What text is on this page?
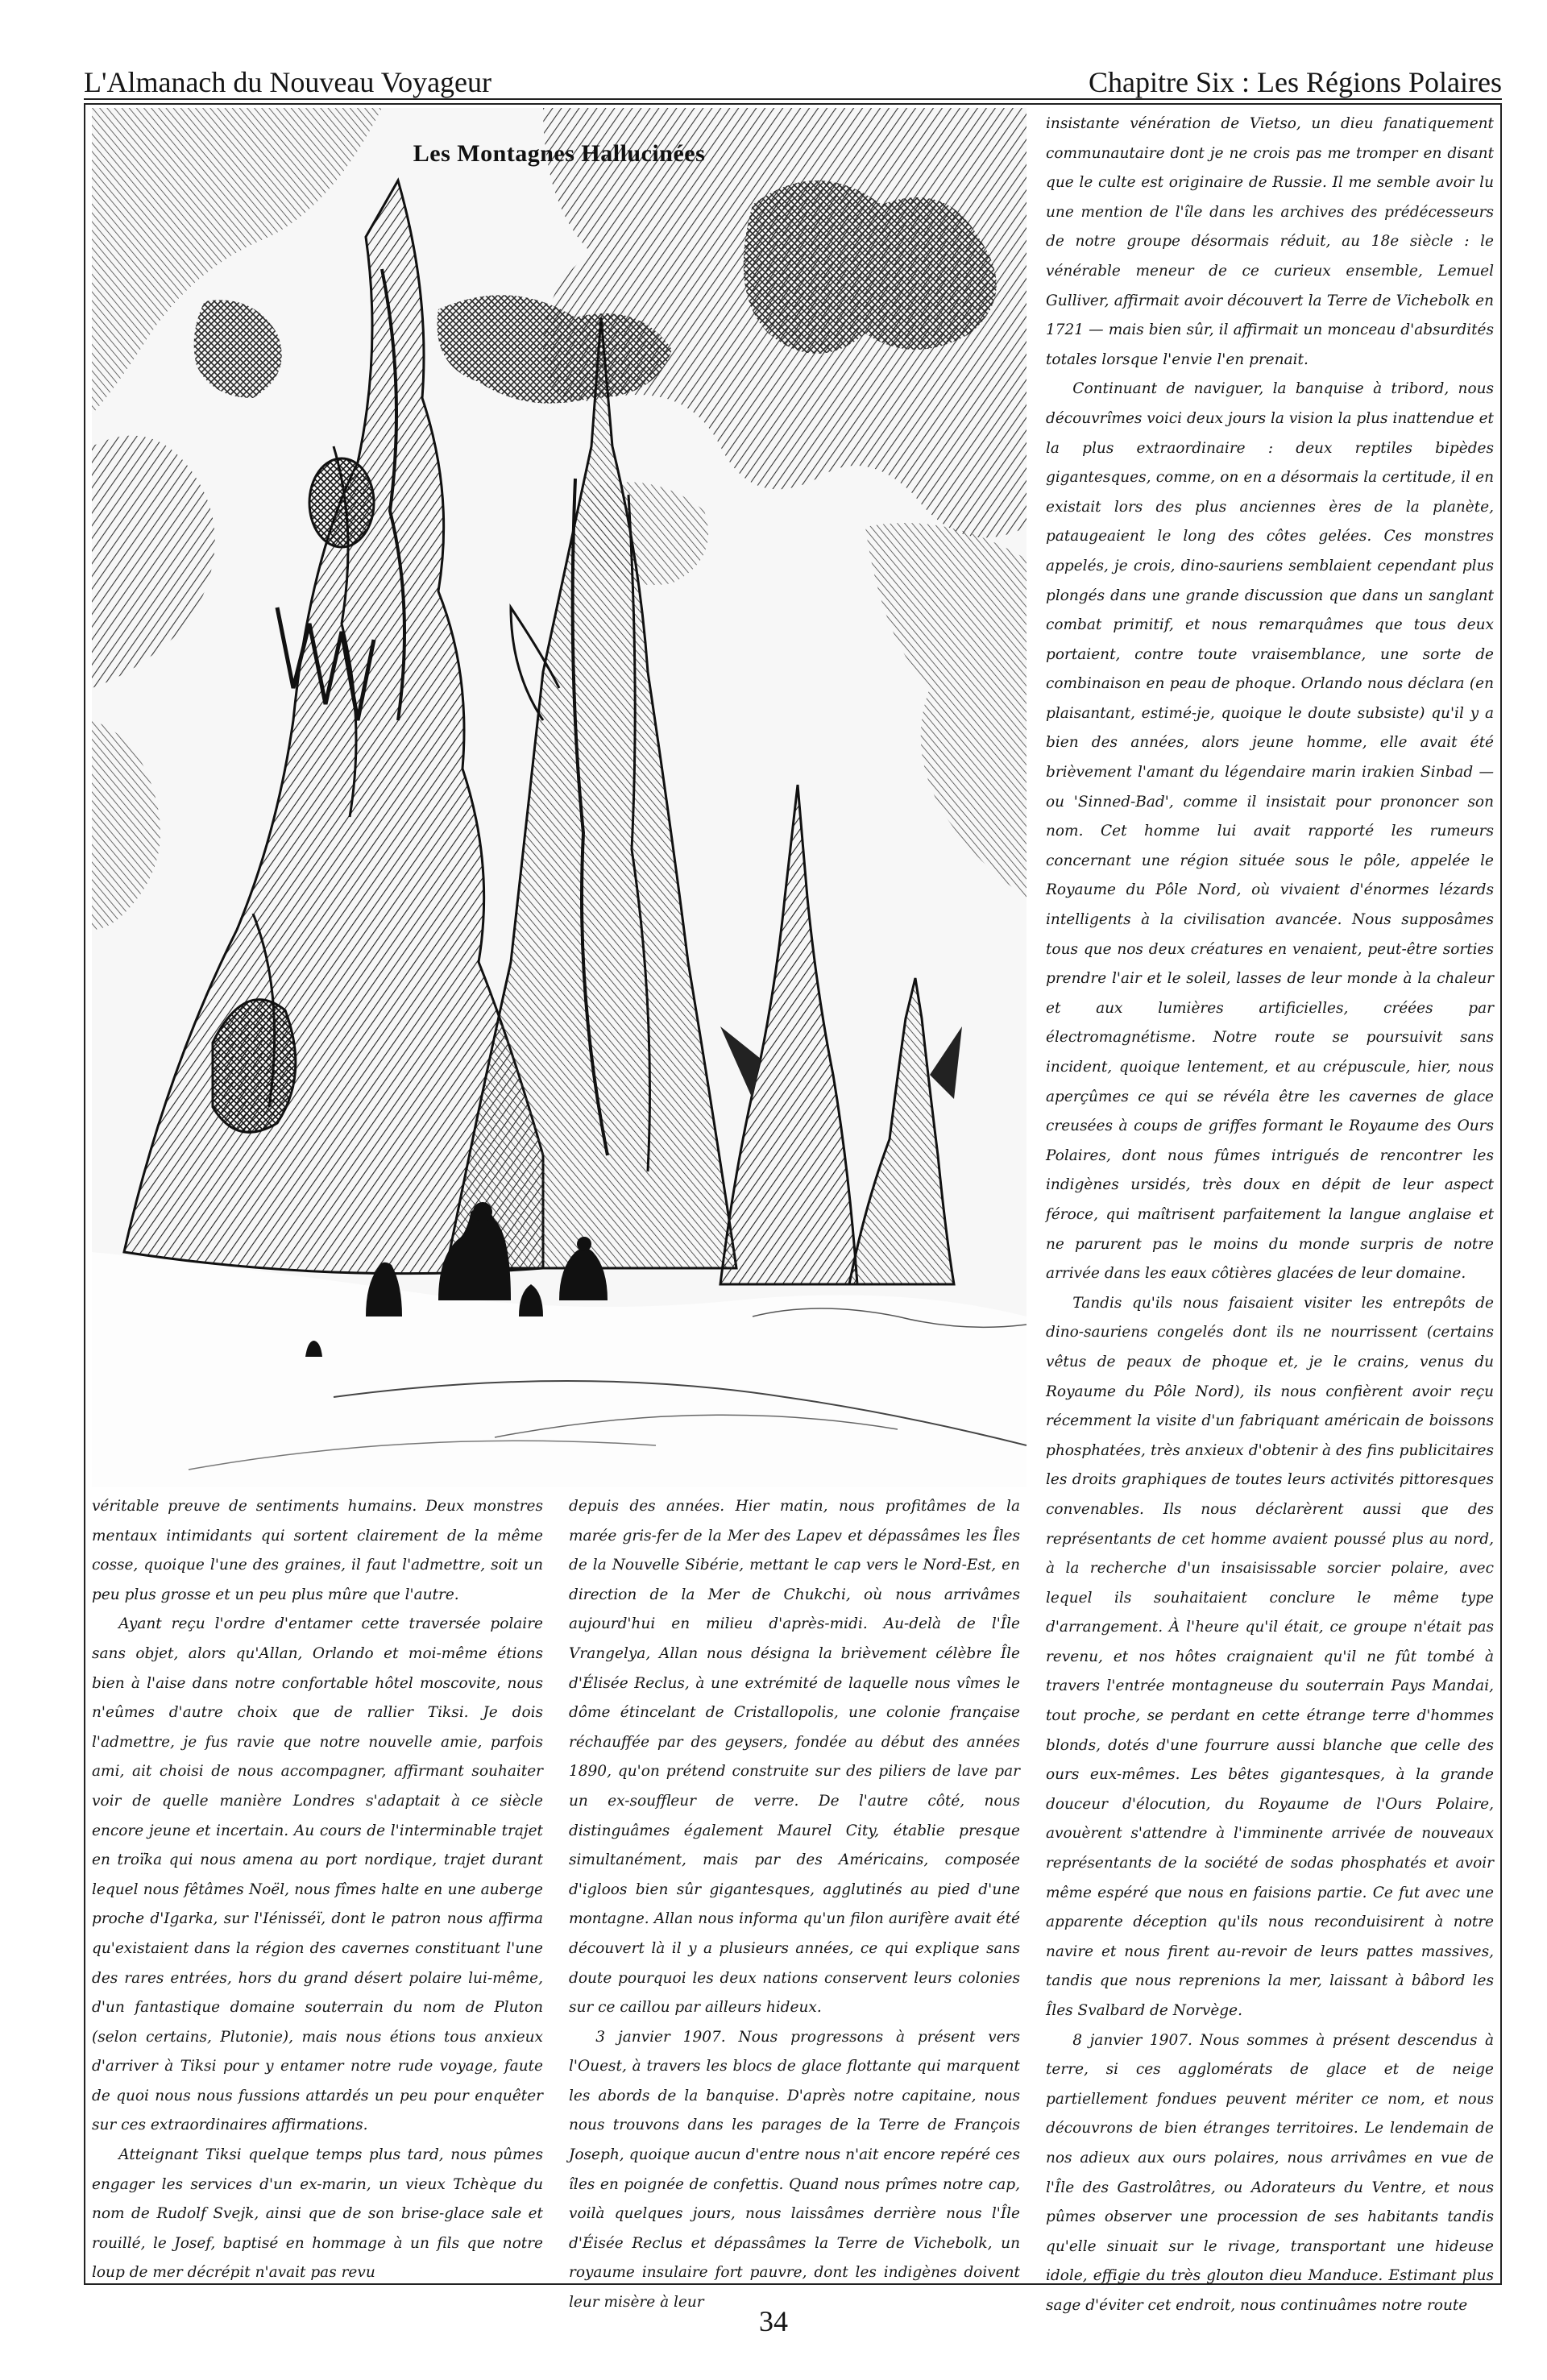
L'Almanach du Nouveau Voyageur	Chapitre Six : Les Régions Polaires
Les Montagnes Hallucinées

insistante vénération de Vietso, un dieu fanatiquement communautaire dont je ne crois pas me tromper en disant que le culte est originaire de Russie. Il me semble avoir lu une mention de l'île dans les archives des prédécesseurs de notre groupe désormais réduit, au 18e siècle : le vénérable meneur de ce curieux ensemble, Lemuel Gulliver, affirmait avoir découvert la Terre de Vichebolk en 1721 — mais bien sûr, il affirmait un monceau d'absurdités totales lorsque l'envie l'en prenait.

Continuant de naviguer, la banquise à tribord, nous découvrîmes voici deux jours la vision la plus inattendue et la plus extraordinaire : deux reptiles bipèdes gigantesques, comme, on en a désormais la certitude, il en existait lors des plus anciennes ères de la planète, pataugeaient le long des côtes gelées. Ces monstres appelés, je crois, dino-sauriens semblaient cependant plus plongés dans une grande discussion que dans un sanglant combat primitif, et nous remarquâmes que tous deux portaient, contre toute vraisemblance, une sorte de combinaison en peau de phoque. Orlando nous déclara (en plaisantant, estimé-je, quoique le doute subsiste) qu'il y a bien des années, alors jeune homme, elle avait été brièvement l'amant du légendaire marin irakien Sinbad — ou 'Sinned-Bad', comme il insistait pour prononcer son nom. Cet homme lui avait rapporté les rumeurs concernant une région située sous le pôle, appelée le Royaume du Pôle Nord, où vivaient d'énormes lézards intelligents à la civilisation avancée. Nous supposâmes tous que nos deux créatures en venaient, peut-être sorties prendre l'air et le soleil, lasses de leur monde à la chaleur et aux lumières artificielles, créées par électromagnétisme. Notre route se poursuivit sans incident, quoique lentement, et au crépuscule, hier, nous aperçûmes ce qui se révéla être les cavernes de glace creusées à coups de griffes formant le Royaume des Ours Polaires, dont nous fûmes intrigués de rencontrer les indigènes ursidés, très doux en dépit de leur aspect féroce, qui maîtrisent parfaitement la langue anglaise et ne parurent pas le moins du monde surpris de notre arrivée dans les eaux côtières glacées de leur domaine.

Tandis qu'ils nous faisaient visiter les entrepôts de dino-sauriens congelés dont ils ne nourrissent (certains vêtus de peaux de phoque et, je le crains, venus du Royaume du Pôle Nord), ils nous confièrent avoir reçu récemment la visite d'un fabriquant américain de boissons phosphatées, très anxieux d'obtenir à des fins publicitaires les droits graphiques de toutes leurs activités pittoresques convenables. Ils nous déclarèrent aussi que des représentants de cet homme avaient poussé plus au nord, à la recherche d'un insaisissable sorcier polaire, avec lequel ils souhaitaient conclure le même type d'arrangement. À l'heure qu'il était, ce groupe n'était pas revenu, et nos hôtes craignaient qu'il ne fût tombé à travers l'entrée montagneuse du souterrain Pays Mandai, tout proche, se perdant en cette étrange terre d'hommes blonds, dotés d'une fourrure aussi blanche que celle des ours eux-mêmes. Les bêtes gigantesques, à la grande douceur d'élocution, du Royaume de l'Ours Polaire, avouèrent s'attendre à l'imminente arrivée de nouveaux représentants de la société de sodas phosphatés et avoir même espéré que nous en faisions partie. Ce fut avec une apparente déception qu'ils nous reconduisirent à notre navire et nous firent au-revoir de leurs pattes massives, tandis que nous reprenions la mer, laissant à bâbord les Îles Svalbard de Norvège.

8 janvier 1907. Nous sommes à présent descendus à terre, si ces agglomérats de glace et de neige partiellement fondues peuvent mériter ce nom, et nous découvrons de bien étranges territoires. Le lendemain de nos adieux aux ours polaires, nous arrivâmes en vue de l'Île des Gastrolâtres, ou Adorateurs du Ventre, et nous pûmes observer une procession de ses habitants tandis qu'elle sinuait sur le rivage, transportant une hideuse idole, effigie du très glouton dieu Manduce. Estimant plus sage d'éviter cet endroit, nous continuâmes notre route

véritable preuve de sentiments humains. Deux monstres mentaux intimidants qui sortent clairement de la même cosse, quoique l'une des graines, il faut l'admettre, soit un peu plus grosse et un peu plus mûre que l'autre.

Ayant reçu l'ordre d'entamer cette traversée polaire sans objet, alors qu'Allan, Orlando et moi-même étions bien à l'aise dans notre confortable hôtel moscovite, nous n'eûmes d'autre choix que de rallier Tiksi. Je dois l'admettre, je fus ravie que notre nouvelle amie, parfois ami, ait choisi de nous accompagner, affirmant souhaiter voir de quelle manière Londres s'adaptait à ce siècle encore jeune et incertain. Au cours de l'interminable trajet en troïka qui nous amena au port nordique, trajet durant lequel nous fêtâmes Noël, nous fîmes halte en une auberge proche d'Igarka, sur l'Iénisséï, dont le patron nous affirma qu'existaient dans la région des cavernes constituant l'une des rares entrées, hors du grand désert polaire lui-même, d'un fantastique domaine souterrain du nom de Pluton (selon certains, Plutonie), mais nous étions tous anxieux d'arriver à Tiksi pour y entamer notre rude voyage, faute de quoi nous nous fussions attardés un peu pour enquêter sur ces extraordinaires affirmations.

Atteignant Tiksi quelque temps plus tard, nous pûmes engager les services d'un ex-marin, un vieux Tchèque du nom de Rudolf Svejk, ainsi que de son brise-glace sale et rouillé, le Josef, baptisé en hommage à un fils que notre loup de mer décrépit n'avait pas revu

depuis des années. Hier matin, nous profitâmes de la marée gris-fer de la Mer des Lapev et dépassâmes les Îles de la Nouvelle Sibérie, mettant le cap vers le Nord-Est, en direction de la Mer de Chukchi, où nous arrivâmes aujourd'hui en milieu d'après-midi. Au-delà de l'Île Vrangelya, Allan nous désigna la brièvement célèbre Île d'Élisée Reclus, à une extrémité de laquelle nous vîmes le dôme étincelant de Cristallopolis, une colonie française réchauffée par des geysers, fondée au début des années 1890, qu'on prétend construite sur des piliers de lave par un ex-souffleur de verre. De l'autre côté, nous distinguâmes également Maurel City, établie presque simultanément, mais par des Américains, composée d'igloos bien sûr gigantesques, agglutinés au pied d'une montagne. Allan nous informa qu'un filon aurifère avait été découvert là il y a plusieurs années, ce qui explique sans doute pourquoi les deux nations conservent leurs colonies sur ce caillou par ailleurs hideux.

3 janvier 1907. Nous progressons à présent vers l'Ouest, à travers les blocs de glace flottante qui marquent les abords de la banquise. D'après notre capitaine, nous nous trouvons dans les parages de la Terre de François Joseph, quoique aucun d'entre nous n'ait encore repéré ces îles en poignée de confettis. Quand nous prîmes notre cap, voilà quelques jours, nous laissâmes derrière nous l'Île d'Éisée Reclus et dépassâmes la Terre de Vichebolk, un royaume insulaire fort pauvre, dont les indigènes doivent leur misère à leur

34
